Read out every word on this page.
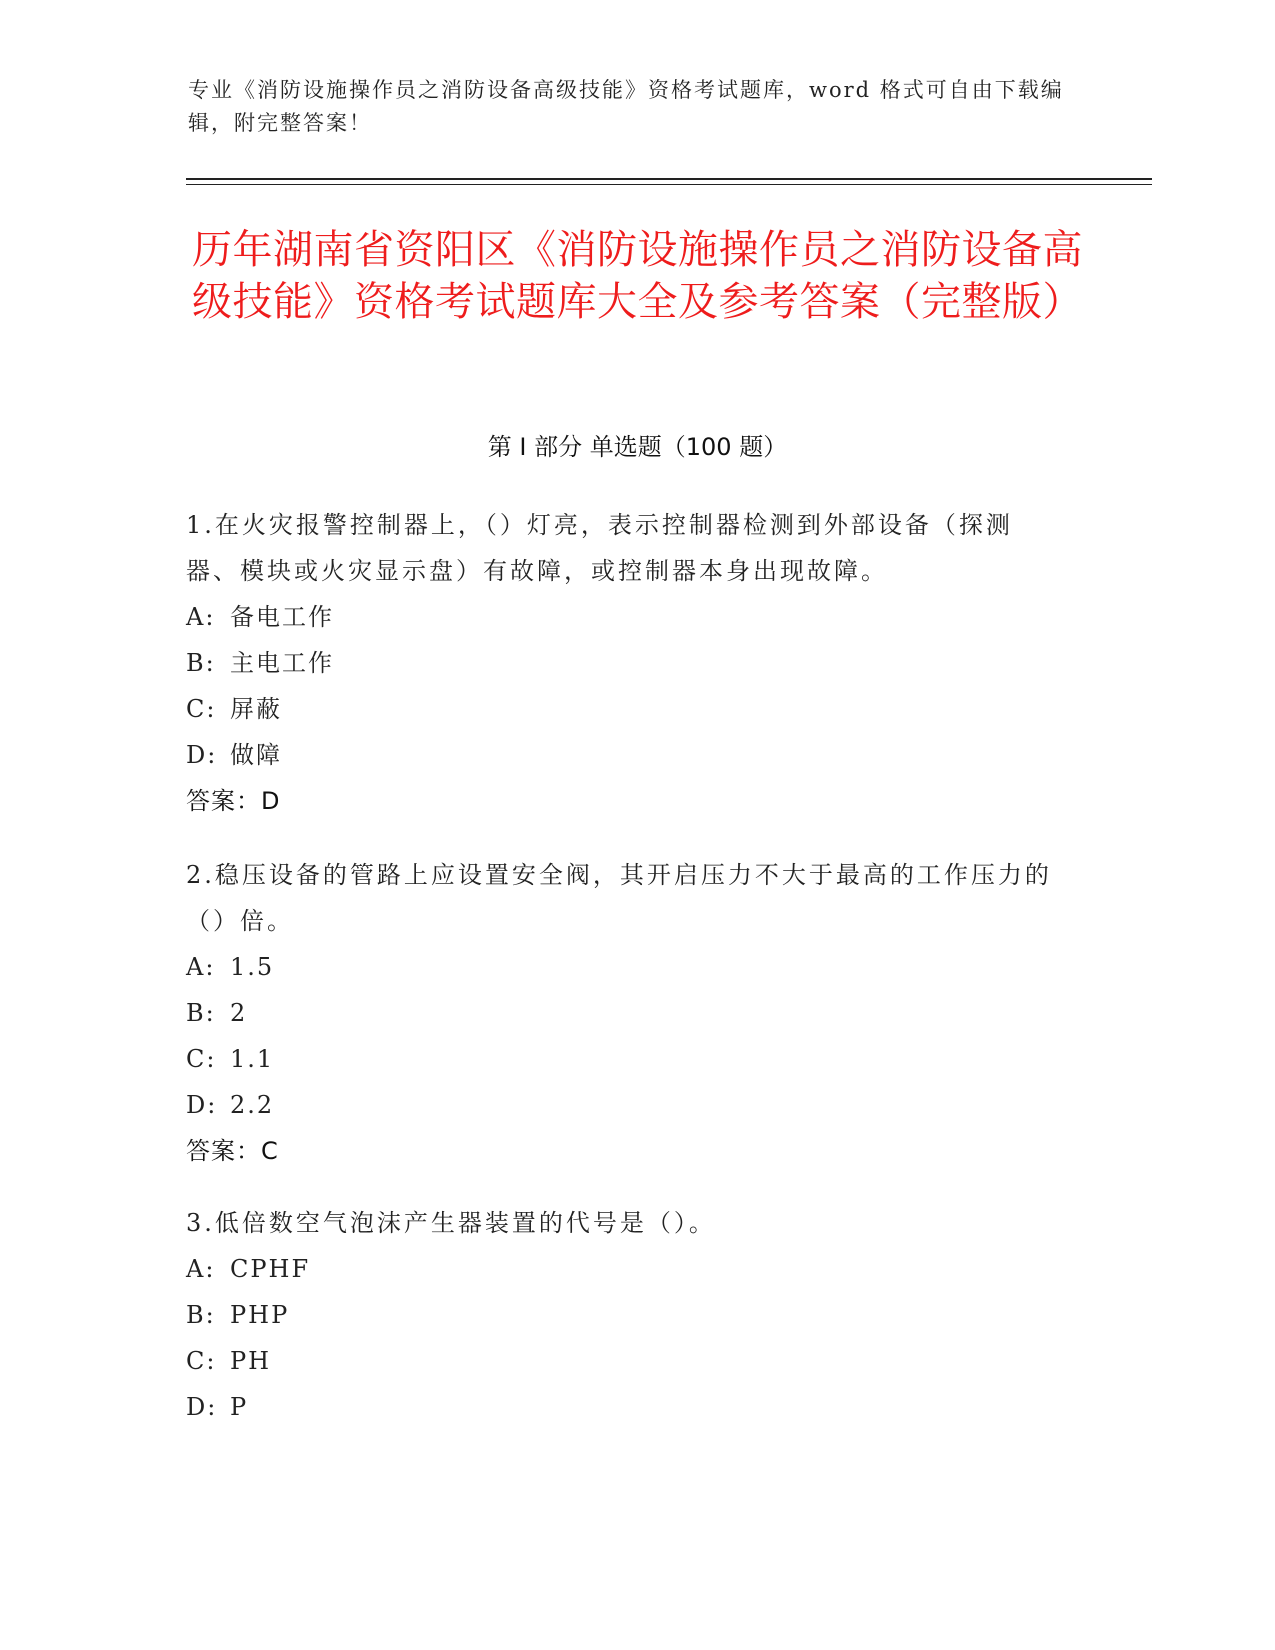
专业《消防设施操作员之消防设备高级技能》资格考试题库，word 格式可自由下载编辑，附完整答案！
历年湖南省资阳区《消防设施操作员之消防设备高级技能》资格考试题库大全及参考答案（完整版）
第 I 部分 单选题（100 题）

1.在火灾报警控制器上，（）灯亮，表示控制器检测到外部设备（探测器、模块或火灾显示盘）有故障，或控制器本身出现故障。

A: 备电工作
B: 主电工作
C: 屏蔽
D: 做障
答案：D

2.稳压设备的管路上应设置安全阀，其开启压力不大于最高的工作压力的（）倍。

A: 1.5
B: 2
C: 1.1
D: 2.2
答案：C

3.低倍数空气泡沫产生器装置的代号是（）。

A: CPHF
B: PHP
C: PH
D: P
